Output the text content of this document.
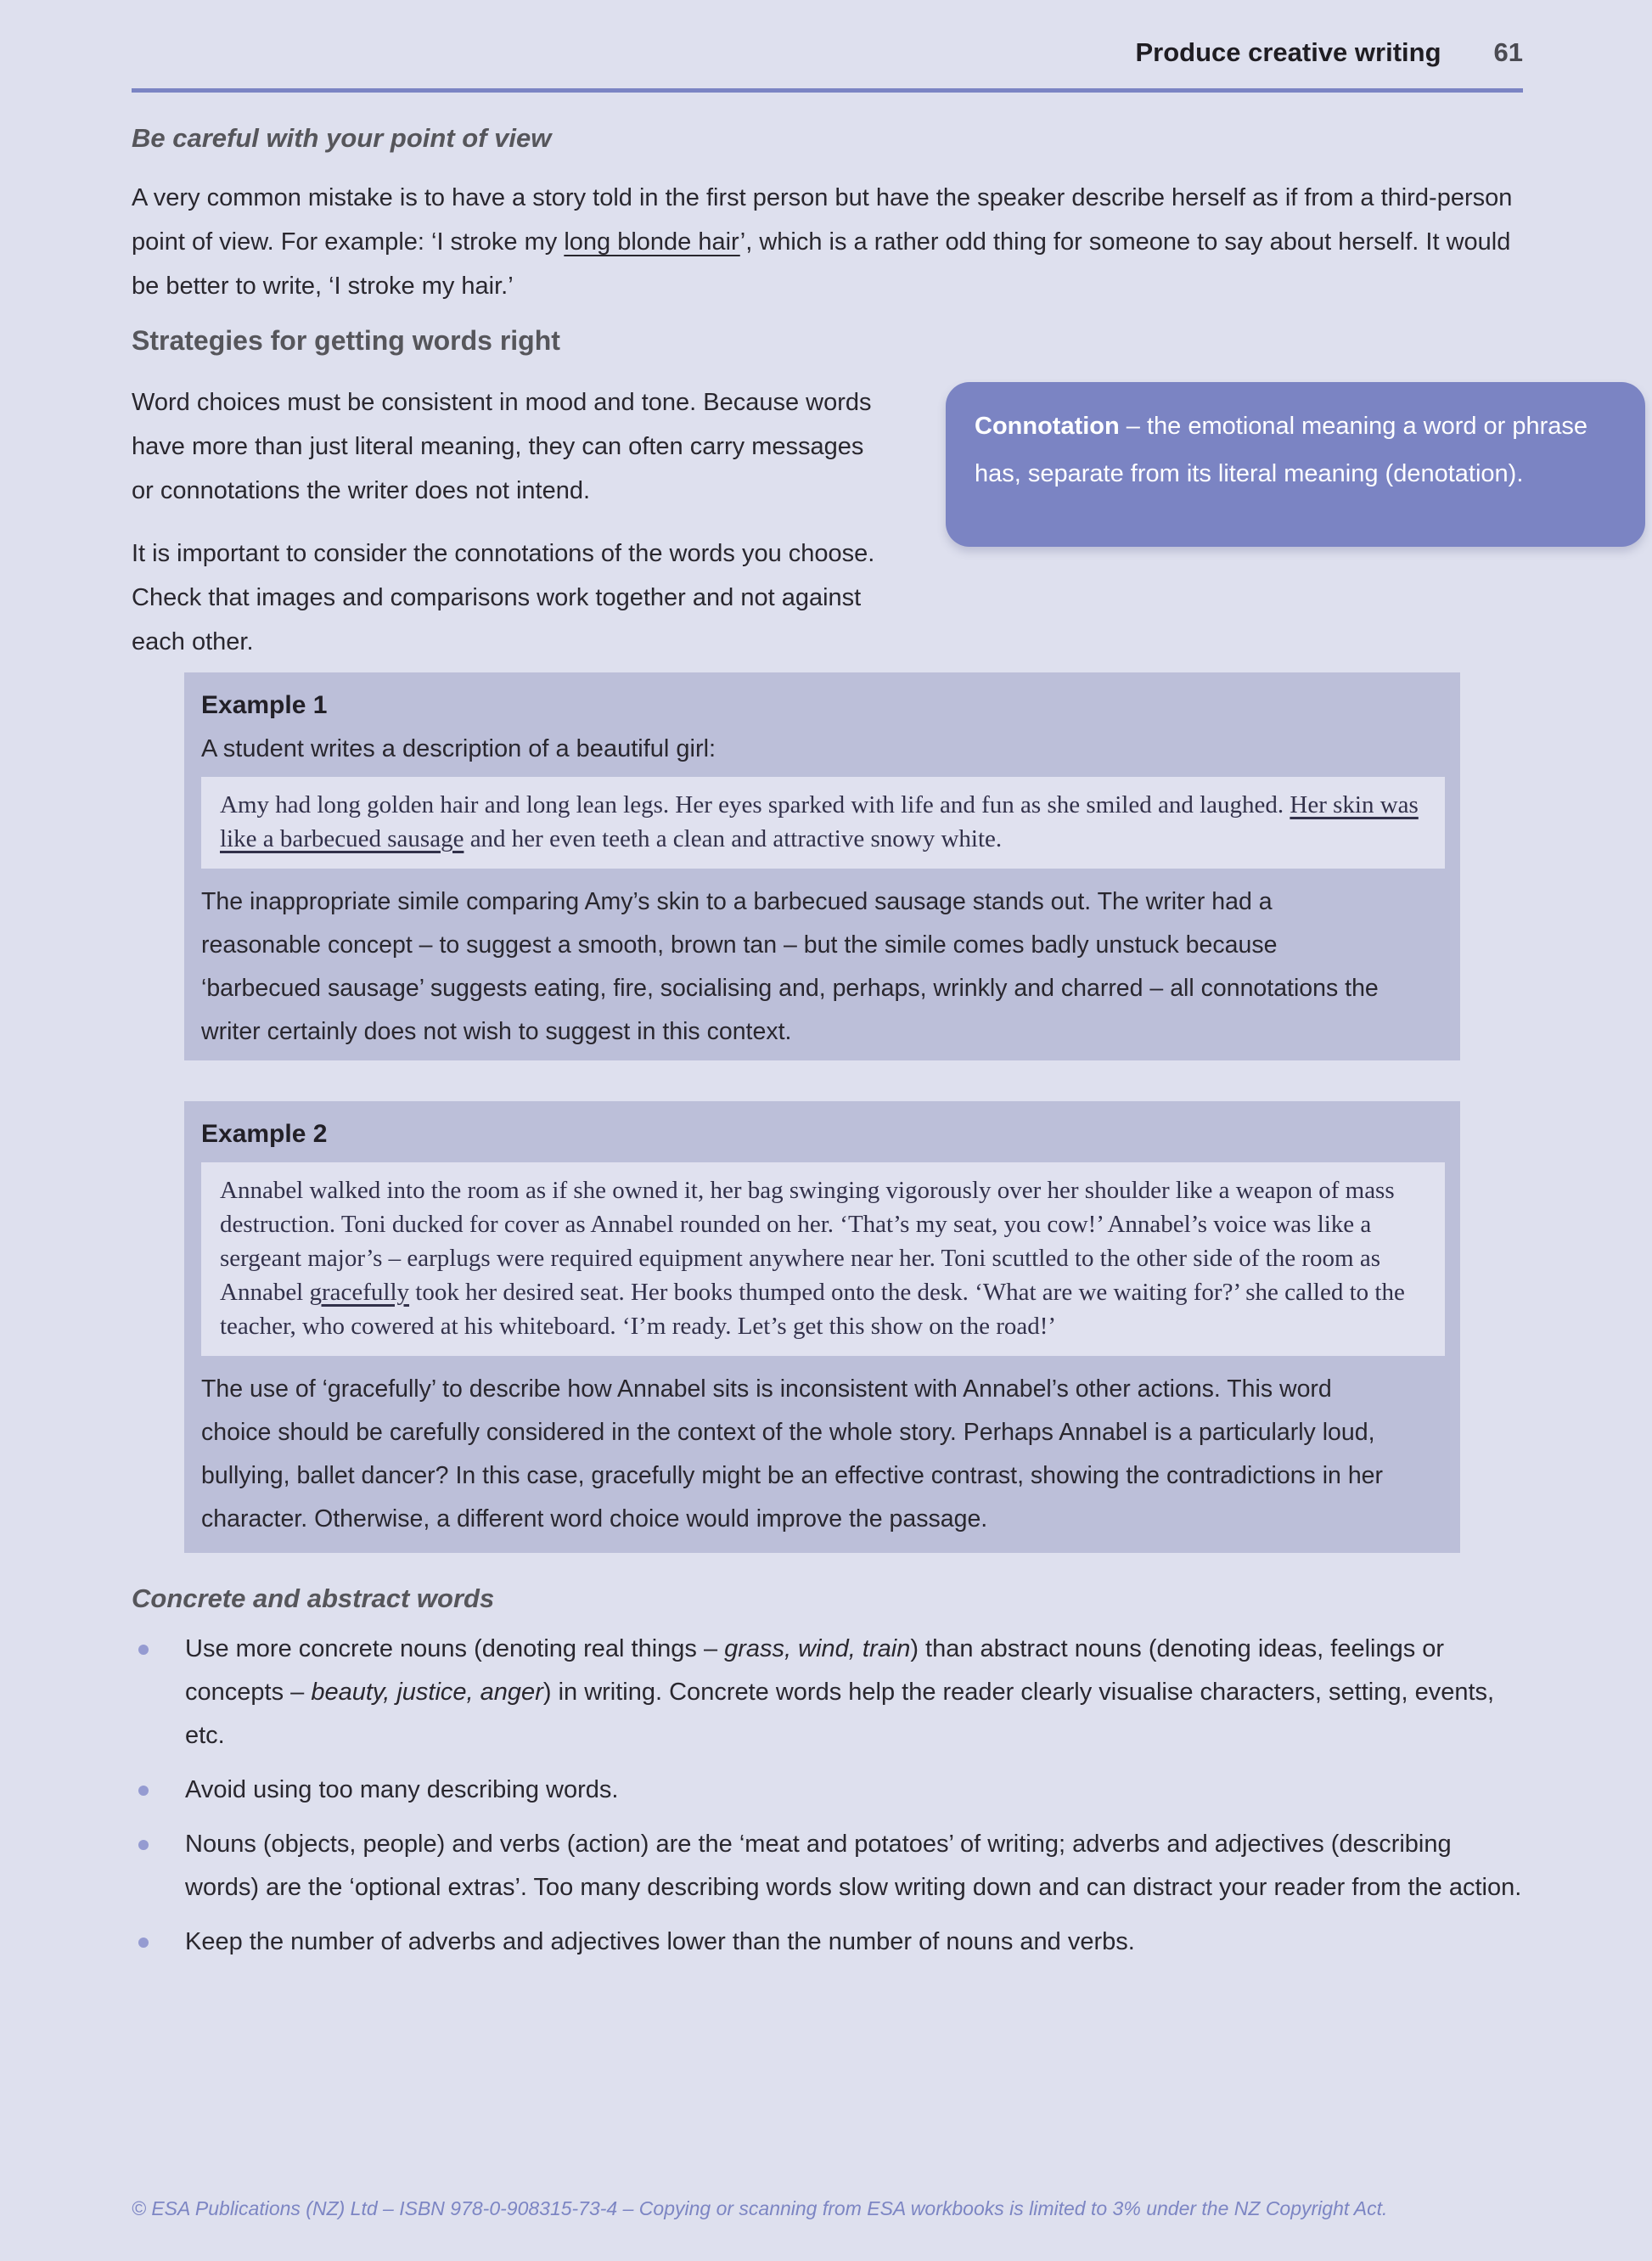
Produce creative writing 61
Be careful with your point of view

A very common mistake is to have a story told in the first person but have the speaker describe herself as if from a third-person point of view. For example: ‘I stroke my long blonde hair’, which is a rather odd thing for someone to say about herself. It would be better to write, ‘I stroke my hair.’

Strategies for getting words right

Word choices must be consistent in mood and tone. Because words have more than just literal meaning, they can often carry messages or connotations the writer does not intend.

It is important to consider the connotations of the words you choose. Check that images and comparisons work together and not against each other.

Connotation – the emotional meaning a word or phrase has, separate from its literal meaning (denotation).

Example 1

A student writes a description of a beautiful girl:

Amy had long golden hair and long lean legs. Her eyes sparked with life and fun as she smiled and laughed. Her skin was like a barbecued sausage and her even teeth a clean and attractive snowy white.

The inappropriate simile comparing Amy’s skin to a barbecued sausage stands out. The writer had a reasonable concept – to suggest a smooth, brown tan – but the simile comes badly unstuck because ‘barbecued sausage’ suggests eating, fire, socialising and, perhaps, wrinkly and charred – all connotations the writer certainly does not wish to suggest in this context.

Example 2
Annabel walked into the room as if she owned it, her bag swinging vigorously over her shoulder like a weapon of mass destruction. Toni ducked for cover as Annabel rounded on her. ‘That’s my seat, you cow!’ Annabel’s voice was like a sergeant major’s – earplugs were required equipment anywhere near her. Toni scuttled to the other side of the room as Annabel gracefully took her desired seat. Her books thumped onto the desk. ‘What are we waiting for?’ she called to the teacher, who cowered at his whiteboard. ‘I’m ready. Let’s get this show on the road!’

The use of ‘gracefully’ to describe how Annabel sits is inconsistent with Annabel’s other actions. This word choice should be carefully considered in the context of the whole story. Perhaps Annabel is a particularly loud, bullying, ballet dancer? In this case, gracefully might be an effective contrast, showing the contradictions in her character. Otherwise, a different word choice would improve the passage.

Concrete and abstract words
Use more concrete nouns (denoting real things – grass, wind, train) than abstract nouns (denoting ideas, feelings or concepts – beauty, justice, anger) in writing. Concrete words help the reader clearly visualise characters, setting, events, etc.
Avoid using too many describing words.
Nouns (objects, people) and verbs (action) are the ‘meat and potatoes’ of writing; adverbs and adjectives (describing words) are the ‘optional extras’. Too many describing words slow writing down and can distract your reader from the action.
Keep the number of adverbs and adjectives lower than the number of nouns and verbs.
© ESA Publications (NZ) Ltd – ISBN 978-0-908315-73-4 – Copying or scanning from ESA workbooks is limited to 3% under the NZ Copyright Act.
